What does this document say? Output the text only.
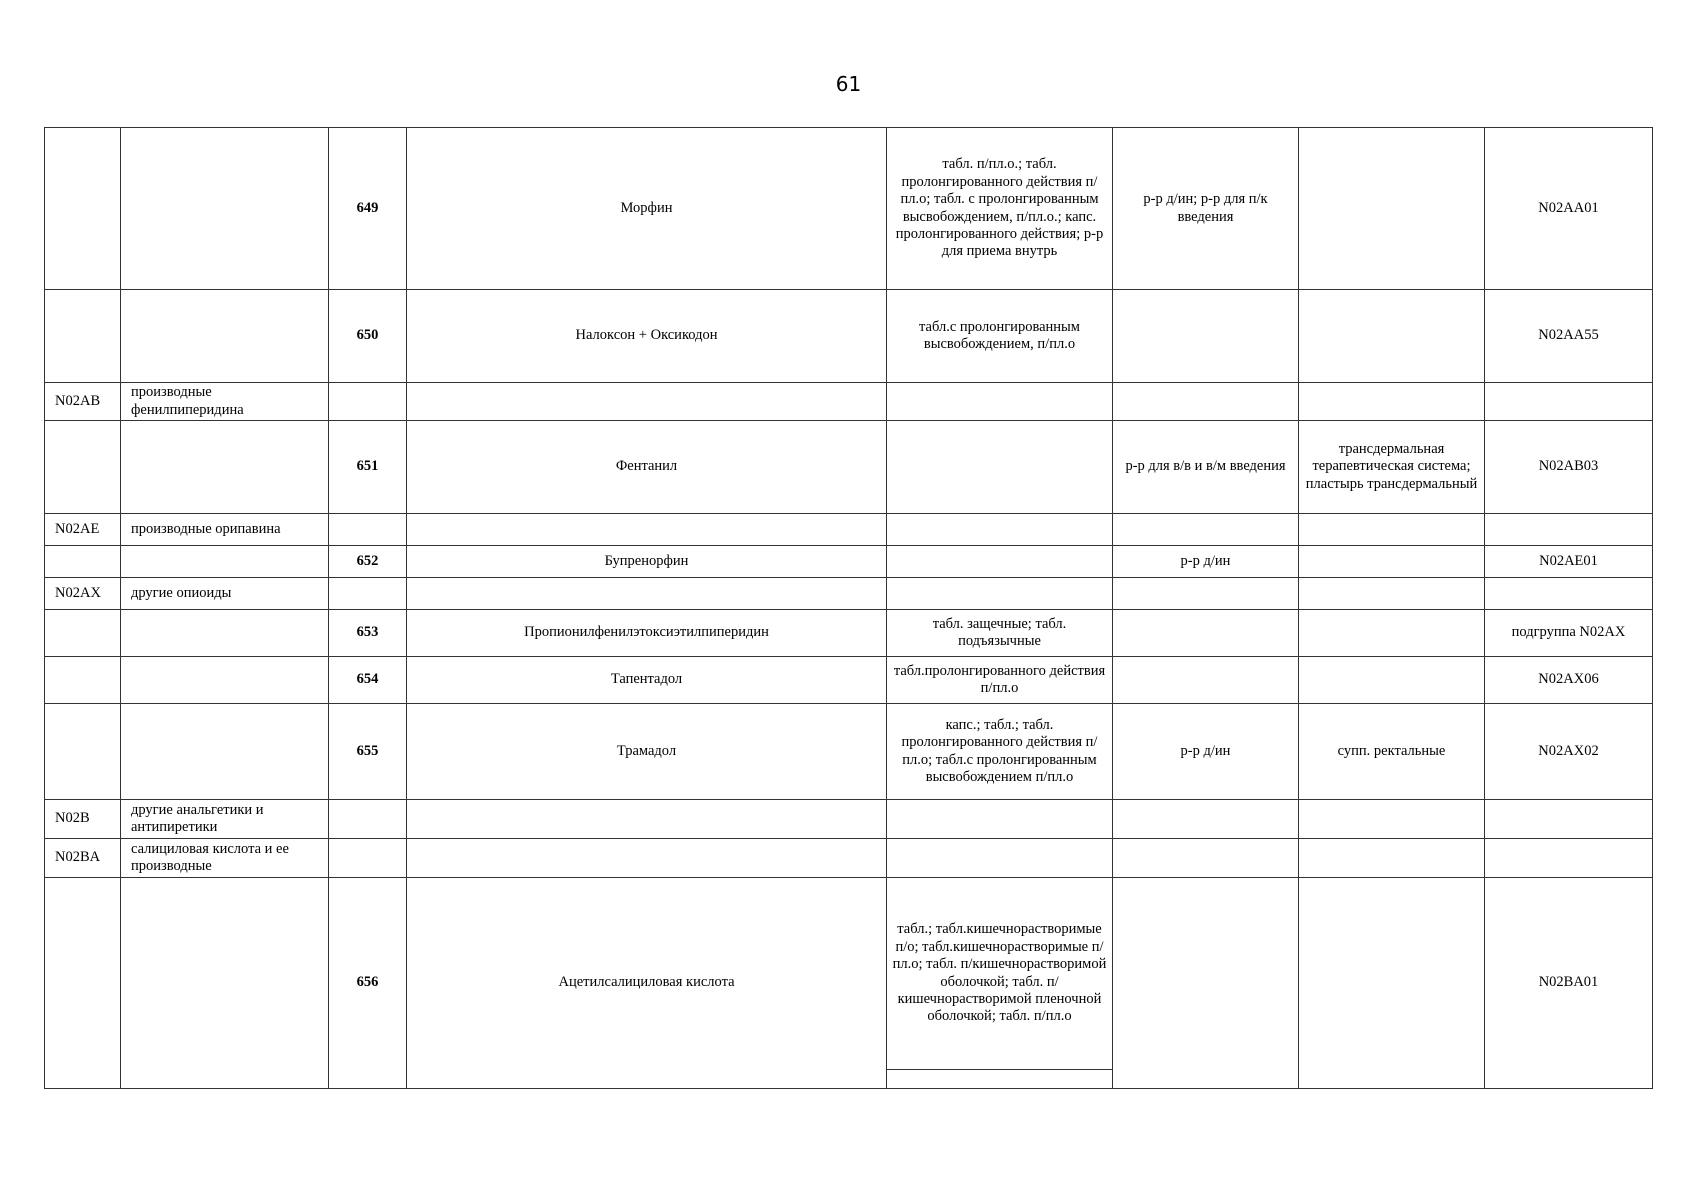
61
		649	Морфин	табл. п/пл.о.; табл. пролонгированного действия п/пл.о; табл. с пролонгированным высвобождением, п/пл.о.; капс. пролонгированного действия; р-р для приема внутрь	р-р д/ин; р-р для п/к введения		N02AA01
		650	Налоксон + Оксикодон	табл.с пролонгированным высвобождением, п/пл.о			N02AA55
N02AB	производные фенилпиперидина						
		651	Фентанил		р-р для в/в и в/м введения	трансдермальная терапевтическая система; пластырь трансдермальный	N02AB03
N02AE	производные орипавина						
		652	Бупренорфин		р-р д/ин		N02AE01
N02AX	другие опиоиды						
		653	Пропионилфенилэтоксиэтилпиперидин	табл. защечные; табл. подъязычные			подгруппа N02AX
		654	Тапентадол	табл.пролонгированного действия п/пл.о			N02AX06
		655	Трамадол	капс.; табл.; табл. пролонгированного действия п/пл.о; табл.с пролонгированным высвобождением п/пл.о	р-р д/ин	супп. ректальные	N02AX02
N02B	другие анальгетики и антипиретики						
N02BA	салициловая кислота и ее производные						
		656	Ацетилсалициловая кислота	табл.; табл.кишечнорастворимые п/о; табл.кишечнорастворимые п/пл.о; табл. п/кишечнорастворимой оболочкой; табл. п/кишечнорастворимой пленочной оболочкой; табл. п/пл.о			N02BA01
